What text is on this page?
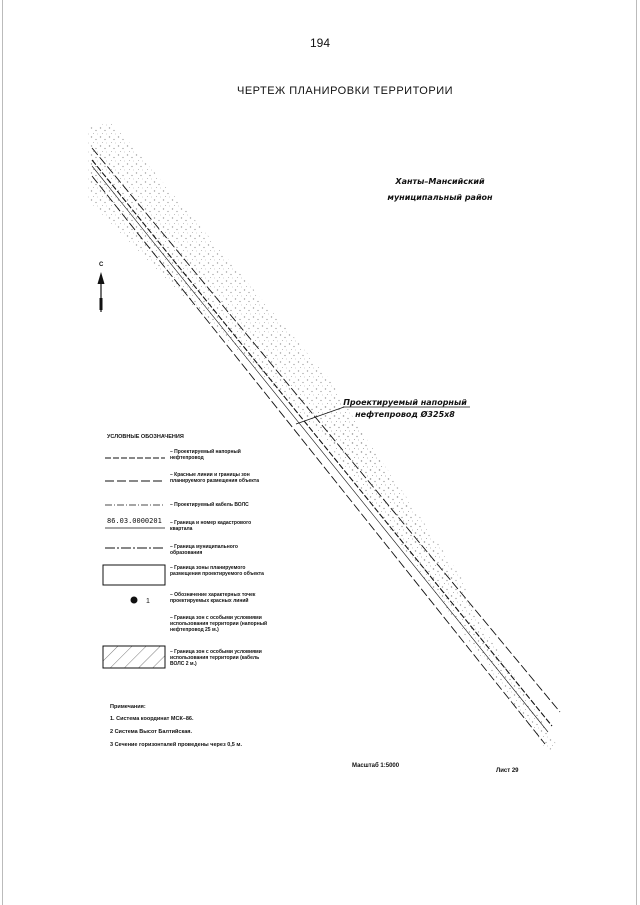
194
ЧЕРТЕЖ ПЛАНИРОВКИ ТЕРРИТОРИИ
Ханты–Мансийский
муниципальный район
С
Проектируемый напорный
нефтепровод Ø325х8
УСЛОВНЫЕ ОБОЗНАЧЕНИЯ
– Проектируемый напорный нефтепровод
– Красные линии и границы зон планируемого размещения объекта
– Проектируемый кабель ВОЛС
86.03.0000201 – Граница и номер кадастрового квартала
– Граница муниципального образования
– Граница зоны планируемого размещения проектируемого объекта
1
– Обозначение характерных точек проектируемых красных линий
– Граница зон с особыми условиями использования территории (напорный нефтепровод 25 м.)
– Граница зон с особыми условиями использования территории (кабель ВОЛС 2 м.)
Примечания:
1. Система координат МСК–86.
2 Система Высот Балтийская.
3 Сечение горизонталей проведены через 0,5 м.
Масштаб 1:5000
Лист 29
